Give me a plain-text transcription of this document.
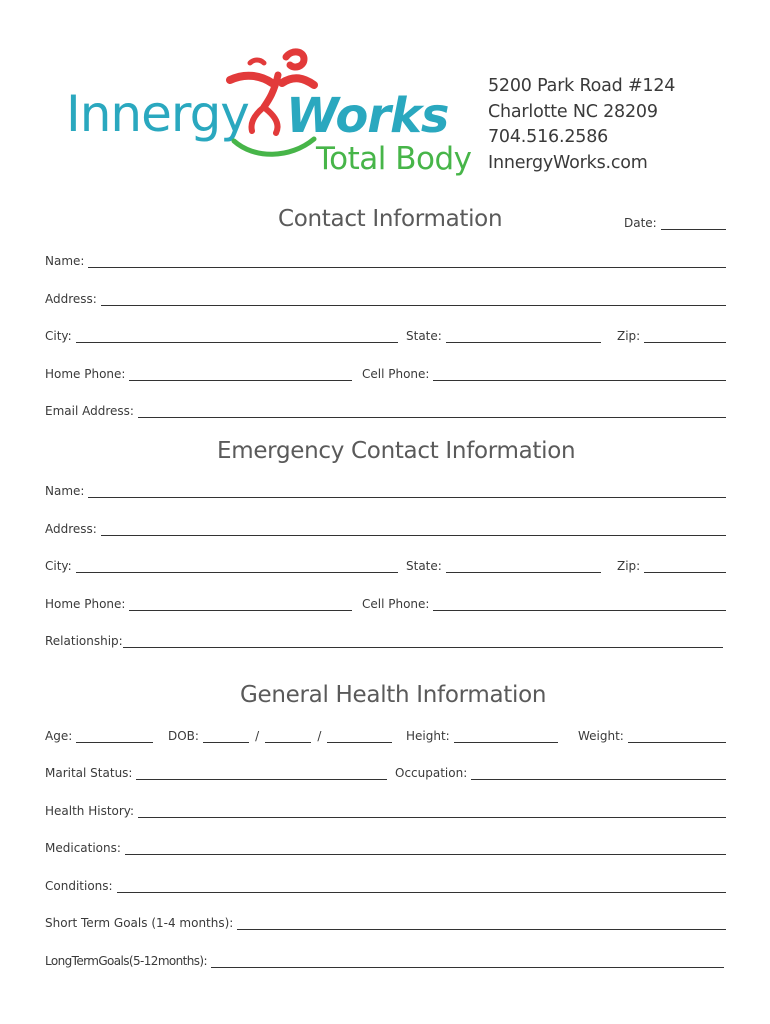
Innergy Works
Total Body
5200 Park Road #124
Charlotte NC 28209
704.516.2586
InnergyWorks.com
Contact Information	Date:
Name:
Address:
City:	State:	Zip:
Home Phone:	Cell Phone:
Email Address:
Emergency Contact Information
Name:
Address:
City:	State:	Zip:
Home Phone:	Cell Phone:
Relationship:
General Health Information
Age:	DOB:	/	/	Height:	Weight:
Marital Status:	Occupation:
Health History:
Medications:
Conditions:
Short Term Goals (1-4 months):
LongTermGoals(5-12months):
